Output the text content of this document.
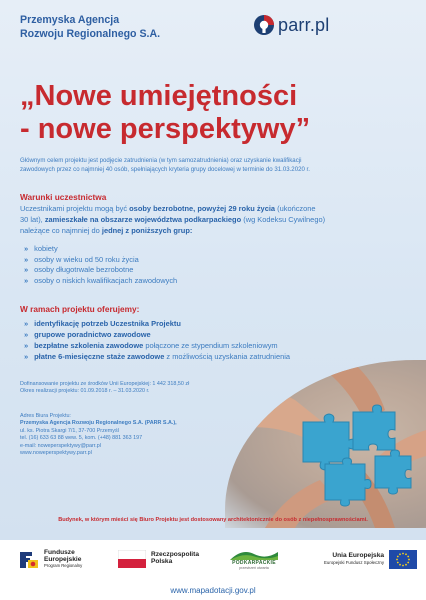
Przemyska Agencja
Rozwoju Regionalnego S.A.	parr.pl
„Nowe umiejętności
- nowe perspektywy”
Głównym celem projektu jest podjęcie zatrudnienia (w tym samozatrudnienia) oraz uzyskanie kwalifikacji
zawodowych przez co najmniej 40 osób, spełniających kryteria grupy docelowej w terminie do 31.03.2020 r.
Warunki uczestnictwa
Uczestnikami projektu mogą być osoby bezrobotne, powyżej 29 roku życia (ukończone
30 lat), zamieszkałe na obszarze województwa podkarpackiego (wg Kodeksu Cywilnego)
należące co najmniej do jednej z poniższych grup:
» kobiety
» osoby w wieku od 50 roku życia
» osoby długotrwale bezrobotne
» osoby o niskich kwalifikacjach zawodowych
W ramach projektu oferujemy:
» identyfikację potrzeb Uczestnika Projektu
» grupowe poradnictwo zawodowe
» bezpłatne szkolenia zawodowe połączone ze stypendium szkoleniowym
» płatne 6-miesięczne staże zawodowe z możliwością uzyskania zatrudnienia
Dofinansowanie projektu ze środków Unii Europejskiej: 1 442 318,50 zł
Okres realizacji projektu: 01.09.2018 r. – 31.03.2020 r.
Adres Biura Projektu:
Przemyska Agencja Rozwoju Regionalnego S.A. (PARR S.A.),
ul. ks. Piotra Skargi 7/1, 37-700 Przemyśl
tel. (16) 633 63 88 wew. 5, kom. (+48) 881 363 197
e-mail: noweperspektywy@parr.pl
www.noweperspektywy.parr.pl
Budynek, w którym mieści się Biuro Projektu jest dostosowany architektonicznie do osób z niepełnosprawnościami.
Fundusze
Europejskie
Program Regionalny
Rzeczpospolita
Polska	PODKARPACKIE
przestrzeń otwarta
Unia Europejska
Europejski Fundusz Społeczny
www.mapadotacji.gov.pl
